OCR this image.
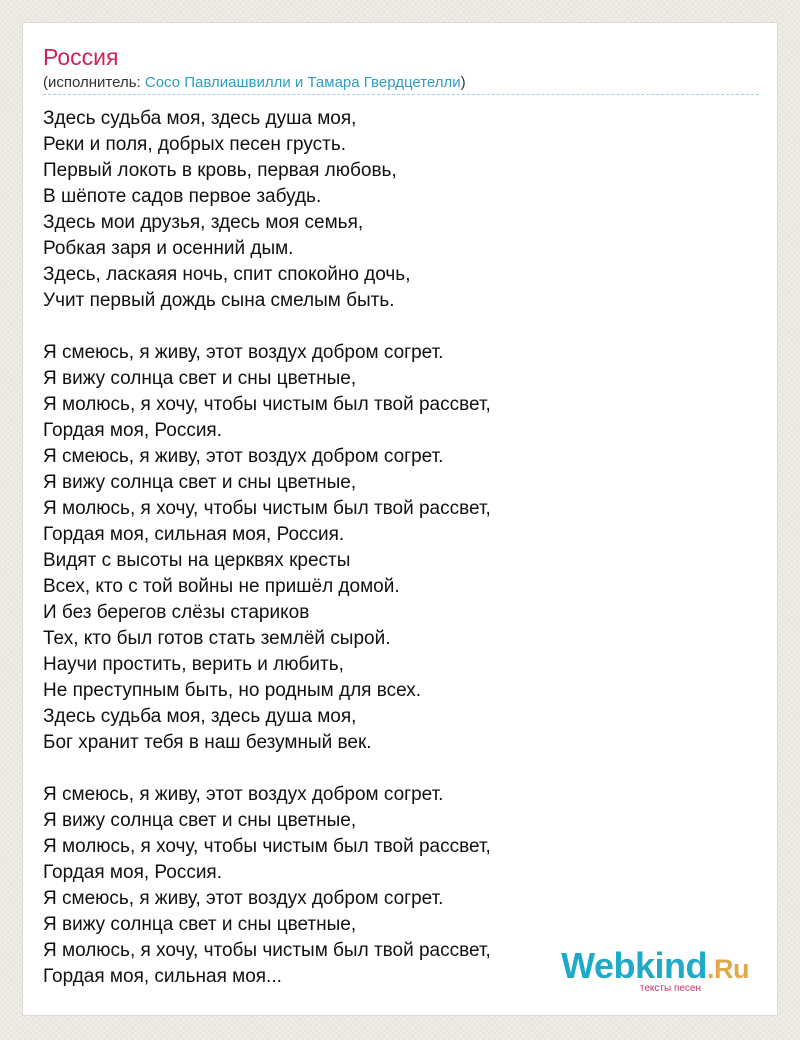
Россия
(исполнитель: Сосо Павлиашвилли и Тамара Гвердцетелли)
Здесь судьба моя, здесь душа моя,
Реки и поля, добрых песен грусть.
Первый локоть в кровь, первая любовь,
В шёпоте садов первое забудь.
Здесь мои друзья, здесь моя семья,
Робкая заря и осенний дым.
Здесь, ласкаяя ночь, спит спокойно дочь,
Учит первый дождь сына смелым быть.
Я смеюсь, я живу, этот воздух добром согрет.
Я вижу солнца свет и сны цветные,
Я молюсь, я хочу, чтобы чистым был твой рассвет,
Гордая моя, Россия.
Я смеюсь, я живу, этот воздух добром согрет.
Я вижу солнца свет и сны цветные,
Я молюсь, я хочу, чтобы чистым был твой рассвет,
Гордая моя, сильная моя, Россия.
Видят с высоты на церквях кресты
Всех, кто с той войны не пришёл домой.
И без берегов слёзы стариков
Тех, кто был готов стать землёй сырой.
Научи простить, верить и любить,
Не преступным быть, но родным для всех.
Здесь судьба моя, здесь душа моя,
Бог хранит тебя в наш безумный век.
Я смеюсь, я живу, этот воздух добром согрет.
Я вижу солнца свет и сны цветные,
Я молюсь, я хочу, чтобы чистым был твой рассвет,
Гордая моя, Россия.
Я смеюсь, я живу, этот воздух добром согрет.
Я вижу солнца свет и сны цветные,
Я молюсь, я хочу, чтобы чистым был твой рассвет,
Гордая моя, сильная моя...	Webkind.Ru
тексты песен
